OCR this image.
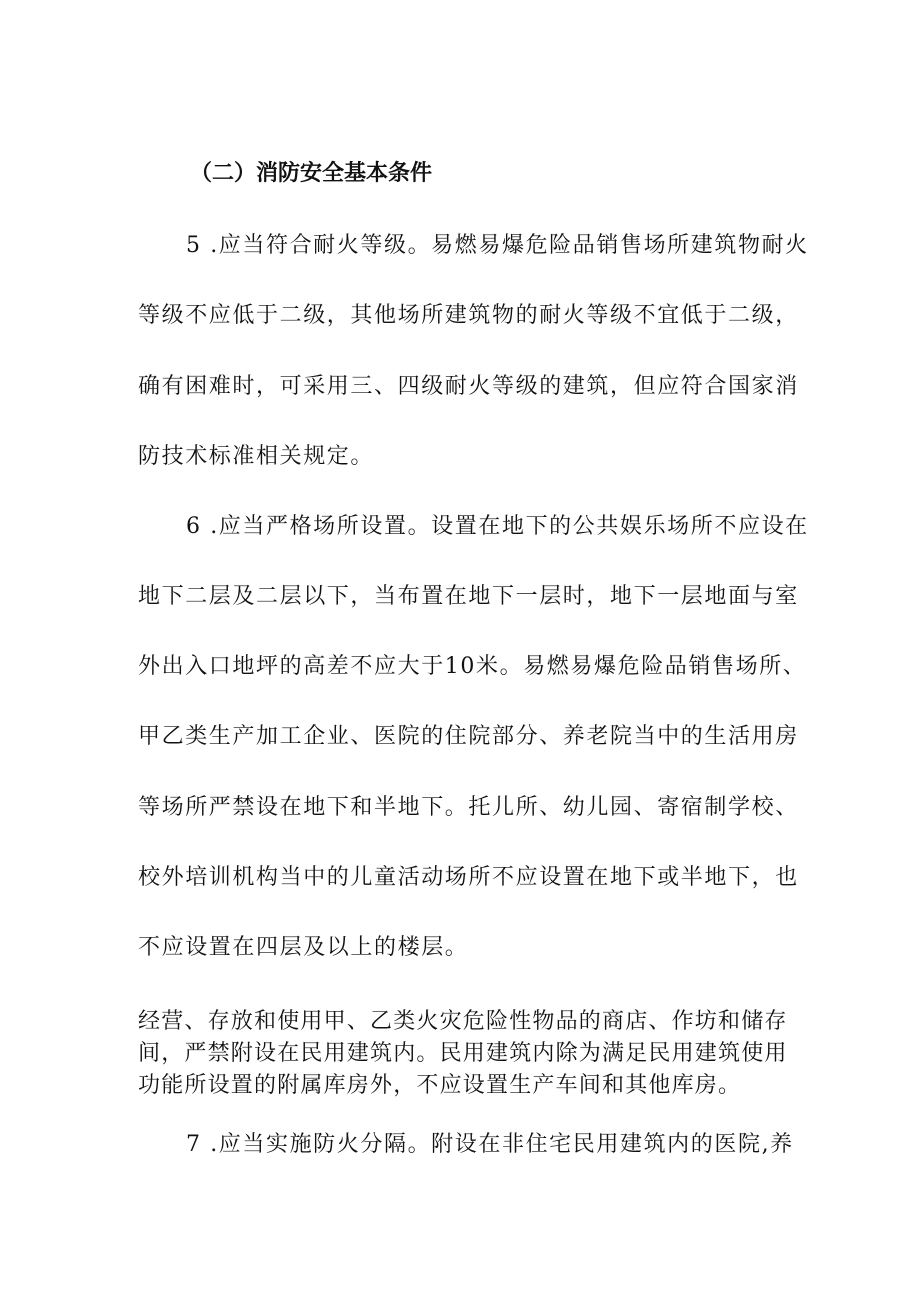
（二）消防安全基本条件
5 .应当符合耐火等级。易燃易爆危险品销售场所建筑物耐火
等级不应低于二级，其他场所建筑物的耐火等级不宜低于二级，
确有困难时，可采用三、四级耐火等级的建筑，但应符合国家消
防技术标准相关规定。
6 .应当严格场所设置。设置在地下的公共娱乐场所不应设在
地下二层及二层以下，当布置在地下一层时，地下一层地面与室
外出入口地坪的高差不应大于10米。易燃易爆危险品销售场所、
甲乙类生产加工企业、医院的住院部分、养老院当中的生活用房
等场所严禁设在地下和半地下。托儿所、幼儿园、寄宿制学校、
校外培训机构当中的儿童活动场所不应设置在地下或半地下，也
不应设置在四层及以上的楼层。
经营、存放和使用甲、乙类火灾危险性物品的商店、作坊和储存
间，严禁附设在民用建筑内。民用建筑内除为满足民用建筑使用
功能所设置的附属库房外，不应设置生产车间和其他库房。
7 .应当实施防火分隔。附设在非住宅民用建筑内的医院,养
